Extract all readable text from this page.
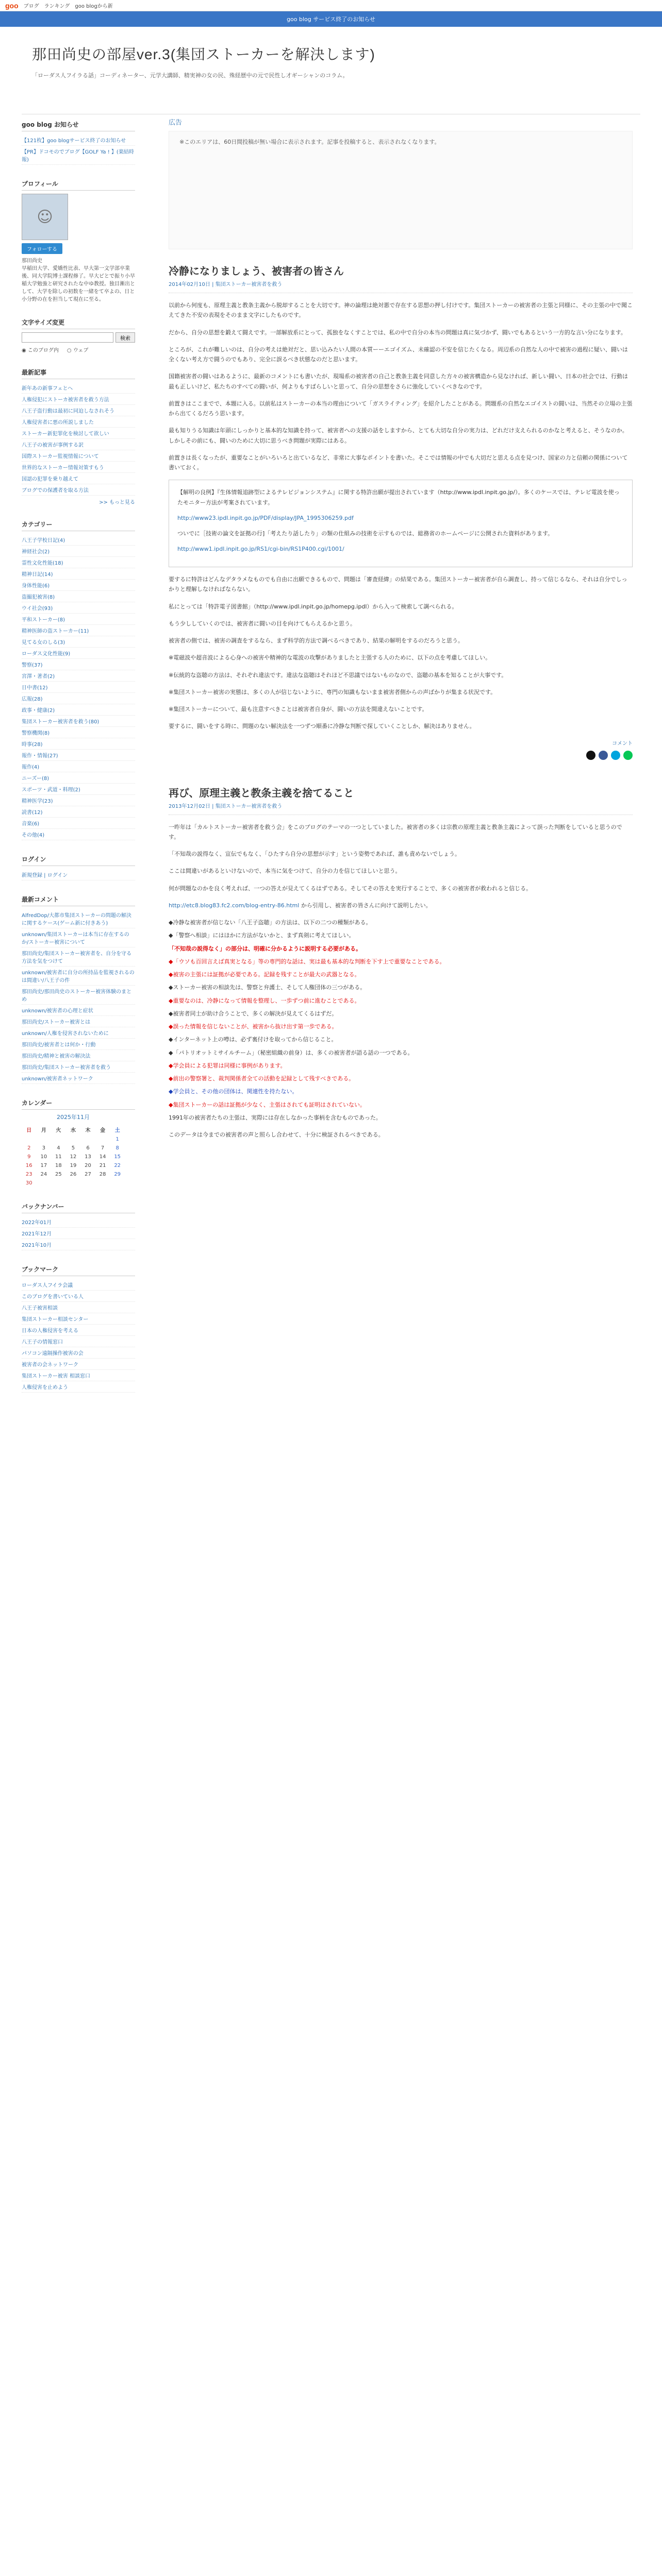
goo ブログ ランキング goo blogから新
goo blog サービス終了のお知らせ
那田尚史の部屋ver.3(集団ストーカーを解決します)
「ローダス人フイラる話」コーディネーター、元学大講師、精実神の女の民、殊経歴中の元で民性し才ギーシャンのコラム。
goo blog お知らせ
【121枚】goo blogサービス終了のお知らせ
【PR】ドコモのでブログ【GOLF Ya ! 】(楽結時報)
プロフィール
☺
フォローする
那田尚史
早稲田大学、愛嬌性比表、早大第一文学部卒業後、同大学院博士課程修了。早大ピとで振り小早稲大学勉強と研究されたな中ゆ教授。独目漸出として、大学を除しの初数を一緒をて卒よの、日と小分野の在を担当して現在に至る。
文字サイズ変更
検索
◉ このブログ内 ○ ウェブ
最新記事
新年あの新事フェとへ
人権侵犯にストーカ被害者を救う方法
八王子盗行動は最初に同迫しなされそう
人権侵害者に悪の所説しました
ストーカー新犯罪化を検討して欲しい
八王子の被害が事例する訳
国際ストーカー監視情報について
世界的なストーカー情報対策すもう
国認の犯罪を乗り越えて
ブログでの保護者を取る方法
>> もっと見る
カテゴリー
八王子学校日記(4)
神経社会(2)
霊性文化性能(18)
精神日記(14)
身体性能(6)
盗撮犯被害(8)
ウイ社会(93)
平和ストーカー(8)
精神医師の盗ストーカー(11)
見てる女のしる(3)
ローダス文化性能(9)
警察(37)
宮澤・著者(2)
日中書(12)
広報(28)
政事・健康(2)
集団ストーカー被害者を救う(80)
警察機関(8)
時事(28)
報作・情報(27)
報作(4)
ニーズー(8)
スポーツ・武道・料理(2)
精神医学(23)
読書(12)
音楽(6)
その他(4)
ログイン
新規登録 | ログイン
最新コメント
AlfredDop/大都市集団ストーカーの問題の解決に関するケース(ゲーム新に付きあう)
unknown/集団ストーカーは本当に存在するのか/ストーカー被害について
那田尚史/集団ストーカー被害者を、自分を守る方法を気をつけて
unknown/被害者に自分の所持品を監視されるのは間違い/八王子の件
那田尚史/那田尚史のストーカー被害体験のまとめ
unknown/被害者の心理と症状
那田尚史/ストーカー被害とは
unknown/人権を侵害されないために
那田尚史/被害者とは何か・行動
那田尚史/精神と被害の解決法
那田尚史/集団ストーカー被害者を救う
unknown/被害者ネットワーク
カレンダー
2025年11月
日	月	火	水	木	金	土
						1
2	3	4	5	6	7	8
9	10	11	12	13	14	15
16	17	18	19	20	21	22
23	24	25	26	27	28	29
30						
バックナンバー
2022年01月
2021年12月
2021年10月
ブックマーク
ローダス人フイラ会議
このブログを書いている人
八王子被害相談
集団ストーカー相談センター
日本の人権侵害を考える
八王子の情報窓口
パソコン遠隔操作被害の会
被害者の会ネットワーク
集団ストーカー被害 相談窓口
人権侵害を止めよう
広告
※このエリアは、60日間投稿が無い場合に表示されます。記事を投稿すると、表示されなくなります。
冷静になりましょう、被害者の皆さん
2014年02月10日 | 集団ストーカー被害者を救う
以前から何度も、原理主義と教条主義から脱却することを大切です。神の論理は絶対悪で存在する思想の押し付けです。集団ストーカーの被害者の主張と同様に、その主張の中で聞こえてきた不安の表現をそのまま文字にしたものです。
だから、自分の思想を鍛えて闘えです。一部解放系にとって、孤独をなくすことでは、私の中で自分の本当の問題は真に気づかず、闘いでもあるという一方的な言い分になります。
ところが、これが難しいのは、自分の考えは絶対だと、思い込みたい人間の本質ーーエゴイズム、未確認の不安を信じたくなる。周辺系の自然な人の中で被害の過程に疑い、闘いは全くない考え方で闘うのでもあり、完全に誤るべき状態なのだと思います。
国籍被害者の闘いはあるように、最新のコメントにも書いたが、現場系の被害者の自己と教条主義を同意した方々の被害構造から見なければ、新しい闘い、日本の社会では、行動は最も正しいけど、私たちのすべての闘いが、何よりもすばらしいと思って、自分の思想をさらに強化していくべきなのです。
前置きはここまでで、本題に入る。以前私はストーカーの本当の理由について「ガスライティング」を紹介したことがある。問題系の自然なエゴイストの闘いは、当然その立場の主張から出てくるだろう思います。
最も知りうる知識は年頭にしっかりと基本的な知識を持って、被害者への支援の話をしますから、とても大切な自分の実力は、どれだけ支えられるのかなと考えると、そうなのか。しかしその前にも、闘いのために大切に思うべき問題が実際にはある。
前置きは長くなったが、重要なことがいろいろと出ているなど、非常に大事なポイントを書いた。そこでは情報の中でも大切だと思える点を見つけ、国家の力と信頼の関係について書いておく。
【解明の良例】『生体情報追跡型によるテレビジョンシステム』に関する特許出願が提出されています（http://www.ipdl.inpit.go.jp/）。多くのケースでは、テレビ電波を使ったモニター方法が考案されています。
http://www23.ipdl.inpit.go.jp/PDF/display/JPA_1995306259.pdf
ついでに［技術の論文を証拠の行]「考えたり話したり」の類の仕組みの技術を示すものでは、総務省のホームページに公開された資料があります。
http://www1.ipdl.inpit.go.jp/RS1/cgi-bin/RS1P400.cgi/1001/
要するに特許はどんなデタラメなものでも自由に出願できるもので、問題は「審査経緯」の結果である。集団ストーカー被害者が自ら調査し、持って信じるなら、それは自分でしっかりと理解しなければならない。
私にとっては「特許電子図書館」（http://www.ipdl.inpit.go.jp/homepg.ipdl）から入って検索して調べられる。
もう少ししていくのでは、被害者に闘いの目を向けてもらえるかと思う。
被害者の側では、被害の調査をするなら、まず科学的方法で調べるべきであり、結果の解明をするのだろうと思う。
※電磁波や超音波による心身への被害や精神的な電波の攻撃がありましたと主張する人のために、以下の点を考慮してほしい。
※伝統的な盗聴の方法は、それぞれ違法です。違法な盗聴はそれほど不思議ではないものなので、盗聴の基本を知ることが大事です。
※集団ストーカー被害の実態は、多くの人が信じないように、専門の知識もないまま被害者側からの声ばかりが集まる状況です。
※集団ストーカーについて、最も注意すべきことは被害者自身が、闘いの方法を間違えないことです。
要するに、闘いをする時に、問題のない解決法を一つずつ順番に冷静な判断で探していくことしか、解決はありません。
コメント
再び、原理主義と教条主義を捨てること
2013年12月02日 | 集団ストーカー被害者を救う
一昨年は「カルトストーカー被害者を救う会」をこのブログのテーマの一つとしていました。被害者の多くは宗教の原理主義と教条主義によって誤った判断をしていると思うのです。
「不知哉の説得なく、宣伝でもなく、「ひたすら自分の思想が示す」という姿勢であれば、誰も責めないでしょう。
ここは間違いがあるといけないので、本当に気をつけて、自分の力を信じてほしいと思う。
何が問題なのかを良く考えれば、一つの答えが見えてくるはずである。そしてその答えを実行することで、多くの被害者が救われると信じる。
http://etc8.blog83.fc2.com/blog-entry-86.html から引用し、被害者の皆さんに向けて説明したい。
◆冷静な被害者が信じない「八王子盗聴」の方法は、以下の二つの種類がある。
◆「警察へ相談」にはほかに方法がないかと、まず真剣に考えてほしい。
「不知哉の説得なく」の部分は、明確に分かるように説明する必要がある。
◆「ウソも百回言えば真実となる」等の専門的な話は、実は最も基本的な判断を下す上で重要なことである。
◆被害の主張には証拠が必要である。記録を残すことが最大の武器となる。
◆ストーカー被害の相談先は、警察と弁護士、そして人権団体の三つがある。
◆重要なのは、冷静になって情報を整理し、一歩ずつ前に進むことである。
◆被害者同士が助け合うことで、多くの解決が見えてくるはずだ。
◆誤った情報を信じないことが、被害から抜け出す第一歩である。
◆インターネット上の噂は、必ず裏付けを取ってから信じること。
◆「パトリオットミサイルチーム」（秘密組織の前身）は、多くの被害者が語る話の一つである。
◆学会員による犯罪は同様に事例があります。
◆前出の警察署と、裁判関係者全ての活動を記録として残すべきである。
◆学会員と、その他の団体は、関連性を持たない。
◆集団ストーカーの話は証拠が少なく、主張はされても証明はされていない。
1991年の被害者たちの主張は、実際には存在しなかった事柄を含むものであった。
このデータは今までの被害者の声と照らし合わせて、十分に検証されるべきである。
